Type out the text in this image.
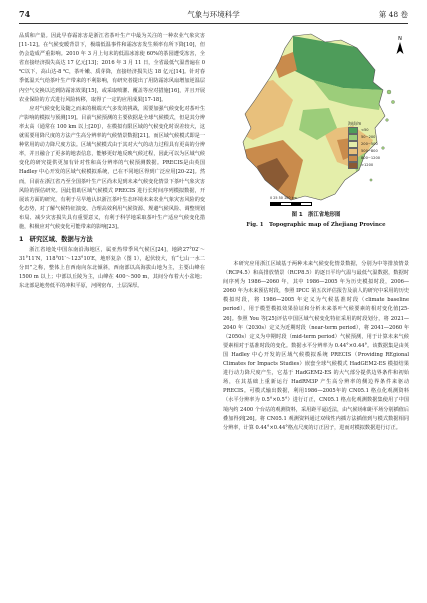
74	气象与环境科学	第 48 卷

品质和产量。因此早春霜冻害是浙江省茶叶生产中最为关注的一种农业气象灾害[11-12]。在气候变暖背景下，极端低温事件和霜冻害发生频率有所下降[10]，但仍会造成严重影响。2010 年 3 月上旬末的低温冰冻使 60%的茶园遭受冻害，全省直接经济损失高达 17 亿元[13]；2016 年 3 月 11 日，全省最低气温普遍在 0 ℃以下，高山达-8 ℃，茶叶嫩、质芽降，直接经济损失达 18 亿元[14]。针对春季低温天气给茶叶生产带来的不利影响，有研究者提出了用防霜冻风扇增加逆温层内空气交换以达到防霜冻效果[15]，或采取喷灌、覆盖等应对措施[16]，并且开展农业保险的方式进行风险转移，取得了一定的应用成果[17-18]。

应对气候变化及随之而来的极端天气多发的挑战，需要加强气候变化对茶叶生产影响的模拟与预测[19]。目前气候预测的主要依据是全球气候模式，但是其分辨率太高（通常在 100 km 以上[20]），在模拟有限区域的气候变化时误差较大，这就需要用降尺度的方法产生高分辨率的气候情景数据[21]。而区域气候模式即是一种常用的动力降尺度方法。区域气候模式由于其对大气的动力过程具有更高的分辨率，并且融合了更多的地表信息，能够更好地反映气候过程，因此可以为区域气候变化的研究提供更加有针对性和高分辨率的气候预测数据。PRECIS是由英国 Hadley 中心开发的区域气候模拟系统，已在不同地区得到广泛应用[20-22]。然而，目前在浙江省乃至全国茶叶生产区尚未见到未来气候变化情景下茶叶气象灾害风险的预估研究。因此借助区域气候模式 PRECIS 进行长时间序列模拟数据，开展该方面的研究，有利于尽早地认识浙江茶叶生态环境未来农业气象灾害风险的变化态势，对了解气候特征演变、合理高效利用气候资源、规避气候风险、调整规划布局、减少灾害损失具有重要意义，有利于科学地采取茶叶生产适应气候变化措施，积极应对气候变化可能带来的影响[23]。

1　研究区域、数据与方法

浙江省地处中国东南沿海地区，属亚热带季风气候区[24]，地跨27°02′～31°11′N，118°01′～123°10′E，地形复杂（图 1），起伏较大，有“七山一水二分田”之称，整体上自西南向东北倾斜，西南部以高海拔山地为主，主要山峰在 1500 m 以上；中部以丘陵为主，山峰在 400～500 m，其间分布着大小盆地；东北部是地势低平的冲积平原，河网密布，土层深厚。

N
海拔/m
<50
50~200
200~500
500~800
800~1200
>1200
0 25 50 100 km
图 1　浙江省地形图
Fig. 1　Topographic map of Zhejiang Province

本研究应用浙江区域基于两种未来气候变化情景数据，分别为中等排放情景（RCP4.5）和高排放情景（RCP8.5）的逐日平均气温与最低气温数据，数据时间序列为 1986—2060 年，其中 1986—2005 年为历史模拟时段，2006—2060 年为未来预估时段，参照 IPCC 第五次评估报告及前人的研究中采用的历史模拟时段，将 1986—2005 年定义为气候基准时段（climate baseline period），用于模型模拟效果验证和分析未来茶叶气候要素的相对变化值[25-26]。参照 You 等[25]评估中国区域气候变化特征采用的时段划分，将 2021—2040 年（2030s）定义为近期时段（near-term period），将 2041—2060 年（2050s）定义为中期时段（mid-term period）气候预测，用于计算未来气候要素相对于基准时段的变化。数据水平分辨率为 0.44°×0.44°。该数据集是由英国 Hadley 中心开发的区域气候模拟系统 PRECIS（Providing REgional Climates for Impacts Studies）嵌套全球气候模式 HadGEM2-ES 模拟结果进行动力降尺度产生，它基于 HadGEM2-ES 的大气部分提供边界条件和初始场，在其基础上重新运行 HadRM3P 产生高分辨率的侧边界条件来驱动 PRECIS。可模式输出数据，利用1986—2005年的 CN05.1 格点化观测资料（水平分辨率为 0.5°×0.5°）进行订正，CN05.1 格点化观测数据集使用了中国境内约 2400 个台站的观测资料，采用距平逼近法，由气候场和距平场分别插值后叠加得到[26]。将 CN05.1 观测资料通过双线性内插方法插值到与模式数据相同分辨率，计算 0.44°×0.44°格点尺度的订正因子，进而对模拟数据进行订正。
